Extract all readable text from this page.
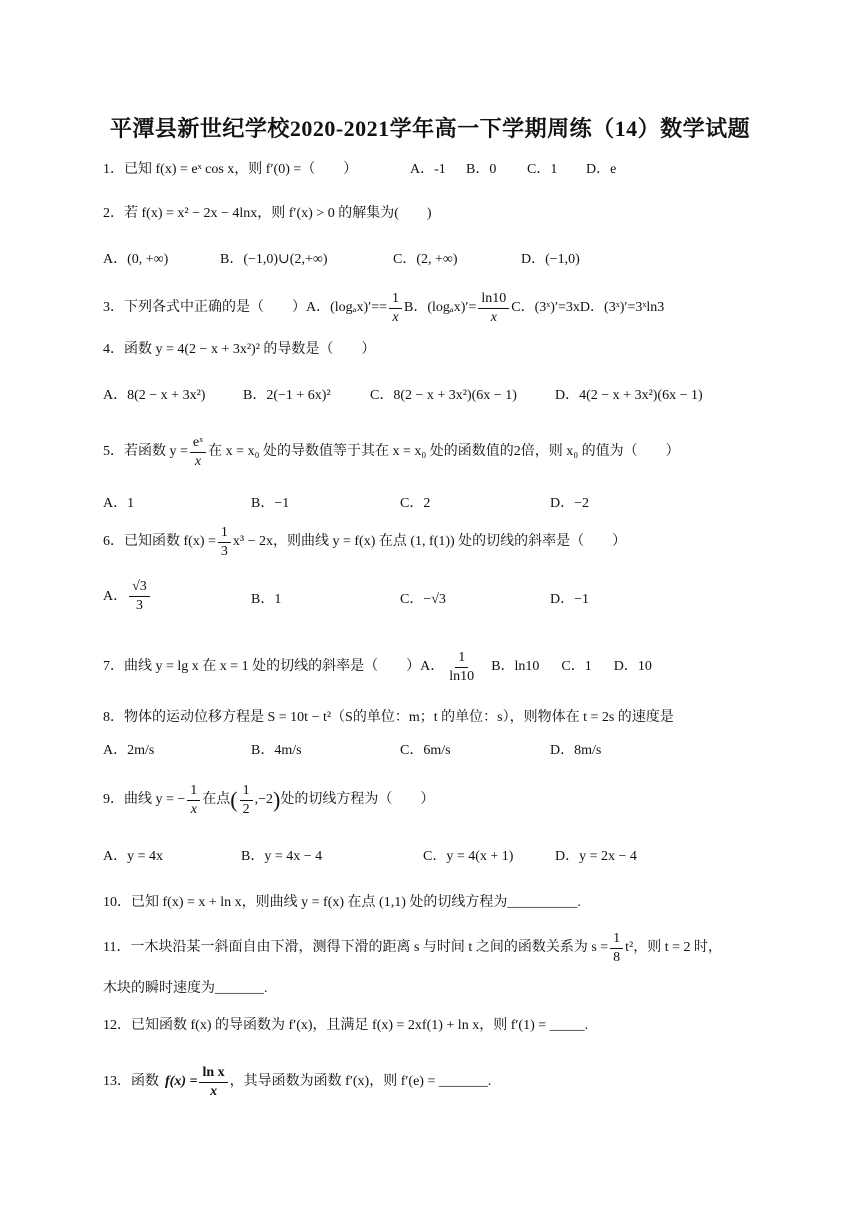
平潭县新世纪学校2020-2021学年高一下学期周练（14）数学试题
1．已知 f(x) = eˣ cos x，则 f′(0) =（　　）	A．-1 B．0 C．1 D．e
2．若 f(x) = x² − 2x − 4lnx，则 f′(x) > 0 的解集为(　　)
A．(0, +∞)	B．(−1,0)∪(2,+∞)	C．(2, +∞)	D．(−1,0)
3． 下列各式中正确的是（　　） A．$(\log_ax)'== \frac{1}{x}$ B．$(\log_ax)'= \frac{\ln 10}{x}$ C．(3ˣ)′=3xD．(3ˣ)′=3ˣln3
4．函数 y = 4(2 − x + 3x²)² 的导数是（　　）
A．8(2 − x + 3x²)	B．2(−1 + 6x)²	C．8(2 − x + 3x²)(6x − 1)	D．4(2 − x + 3x²)(6x − 1)
5． 若函数 $y = \frac{\text{eˣ}}{x}$ 在 x = x₀ 处的导数值等于其在 x = x₀ 处的函数值的2倍，则 x₀ 的值为（　　）
A．1	B．−1	C．2	D．−2
6． 已知函数 $f(x) = \frac{1}{3} x^3 - 2x$，则曲线 y = f(x) 在点 (1, f(1)) 处的切线的斜率是（　　）
A． $\frac{√3}{3}$	B．1	C．−√3	D．−1
7． 曲线 y = lg x 在 x = 1 处的切线的斜率是（　　）A． $\frac{1}{\ln 10}$ B．ln10 C．1 D．10
8．物体的运动位移方程是 S = 10t − t²（S的单位：m；t 的单位：s），则物体在 t = 2s 的速度是
A．2m/s	B．4m/s	C．6m/s	D．8m/s
9． 曲线 y = − $\frac{1}{x}$ 在点 ( $\frac{1}{2} ,-2$ ) 处的切线方程为（　　）
A．y = 4x	B．y = 4x − 4	C．y = 4(x + 1)	D．y = 2x − 4
10．已知 f(x) = x + ln x，则曲线 y = f(x) 在点 (1,1) 处的切线方程为__________.
11． 一木块沿某一斜面自由下滑，测得下滑的距离 s 与时间 t 之间的函数关系为 $s = \frac{1}{8} t^2$，则 t = 2 时，
木块的瞬时速度为_______.
12．已知函数 f(x) 的导函数为 f′(x)，且满足 f(x) = 2xf(1) + ln x，则 f′(1) = _____.
13． 函数 $f(x) = \frac{\text{ln x}}{x}$ ，其导函数为函数 f′(x)，则 f′(e) = _______.
